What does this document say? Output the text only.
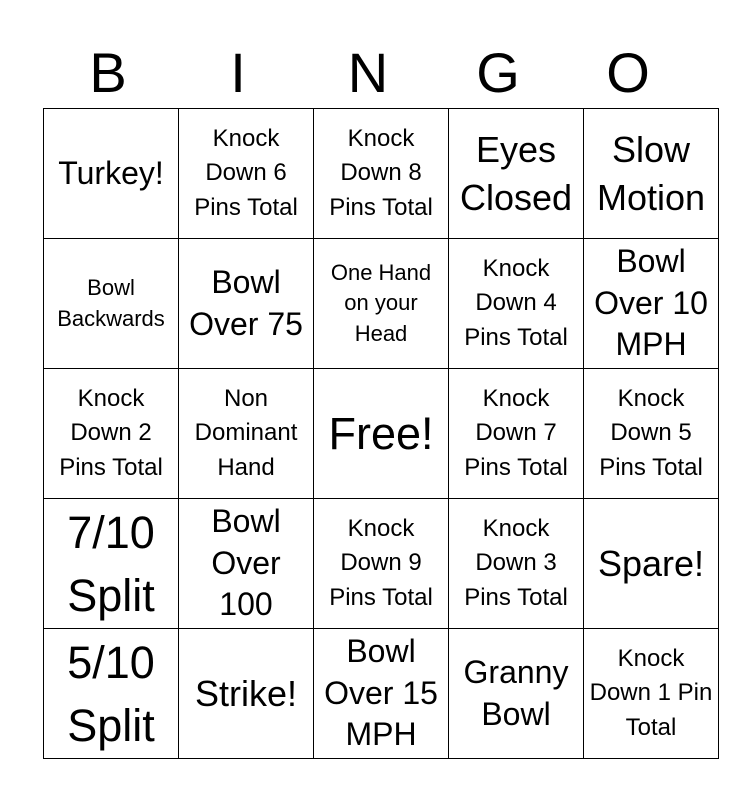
B	I	N	G	O
Turkey!	Knock Down 6 Pins Total	Knock Down 8 Pins Total	Eyes Closed	Slow Motion
Bowl Backwards	Bowl Over 75	One Hand on your Head	Knock Down 4 Pins Total	Bowl Over 10 MPH
Knock Down 2 Pins Total	Non Dominant Hand	Free!	Knock Down 7 Pins Total	Knock Down 5 Pins Total
7/10 Split	Bowl Over 100	Knock Down 9 Pins Total	Knock Down 3 Pins Total	Spare!
5/10 Split	Strike!	Bowl Over 15 MPH	Granny Bowl	Knock Down 1 Pin Total
